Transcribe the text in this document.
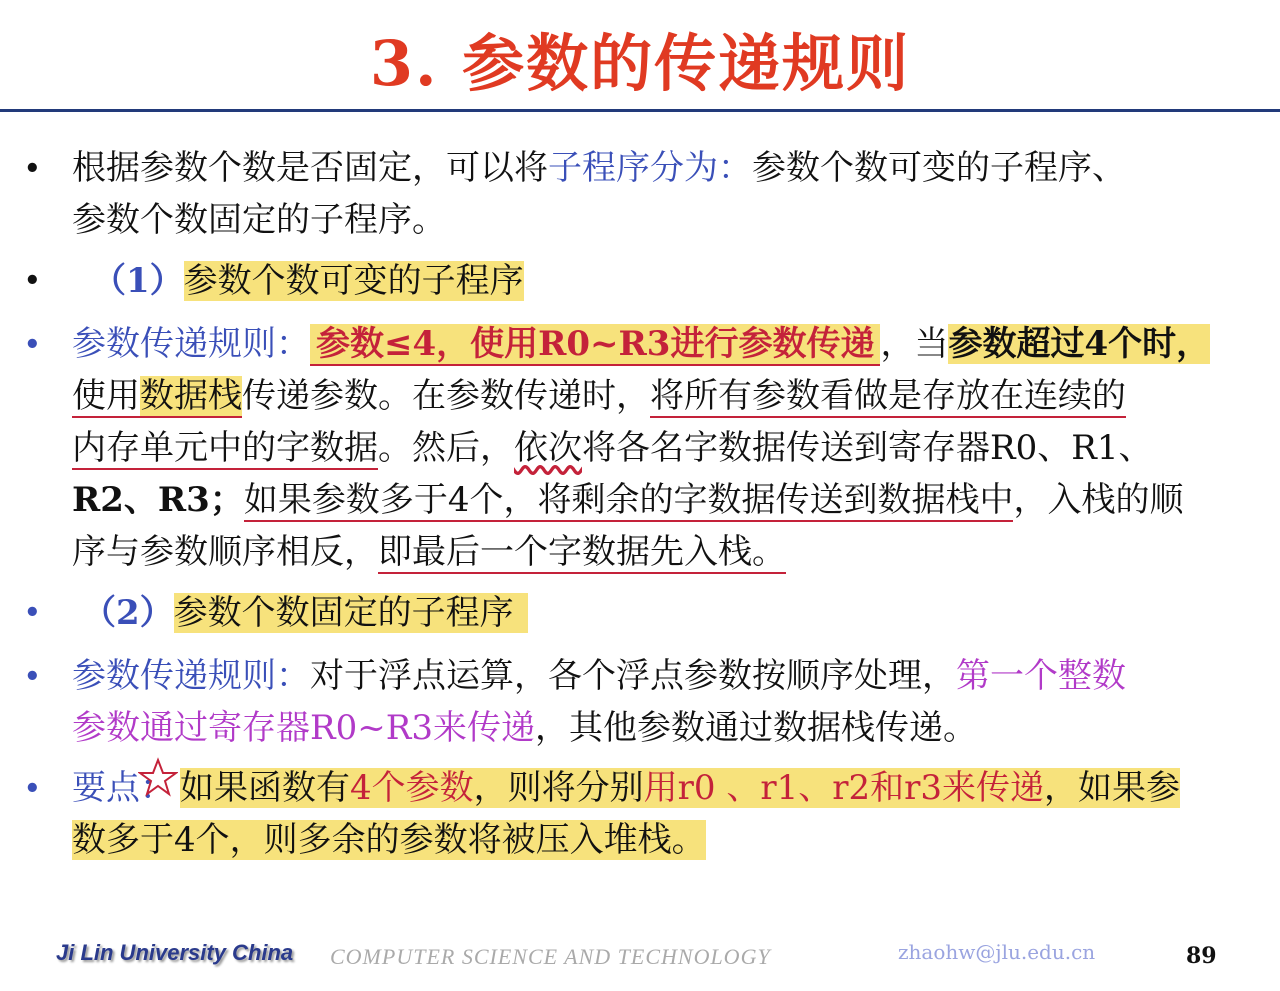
3. 参数的传递规则
• 根据参数个数是否固定，可以将子程序分为：参数个数可变的子程序、
参数个数固定的子程序。
• （1）参数个数可变的子程序
• 参数传递规则： 参数≤4，使用R0~R3进行参数传递 ，当参数超过4个时，
使用数据栈传递参数。在参数传递时，将所有参数看做是存放在连续的
内存单元中的字数据。然后，依次将各名字数据传送到寄存器R0、R1、
R2、R3；如果参数多于4个，将剩余的字数据传送到数据栈中，入栈的顺
序与参数顺序相反，即最后一个字数据先入栈。
• （2）参数个数固定的子程序
• 参数传递规则：对于浮点运算，各个浮点参数按顺序处理，第一个整数
参数通过寄存器R0~R3来传递，其他参数通过数据栈传递。
• 要点： 如果函数有4个参数，则将分别用r0 、r1、r2和r3来传递，如果参
数多于4个，则多余的参数将被压入堆栈。
Ji Lin University China COMPUTER SCIENCE AND TECHNOLOGY	zhaohw@jlu.edu.cn	89
